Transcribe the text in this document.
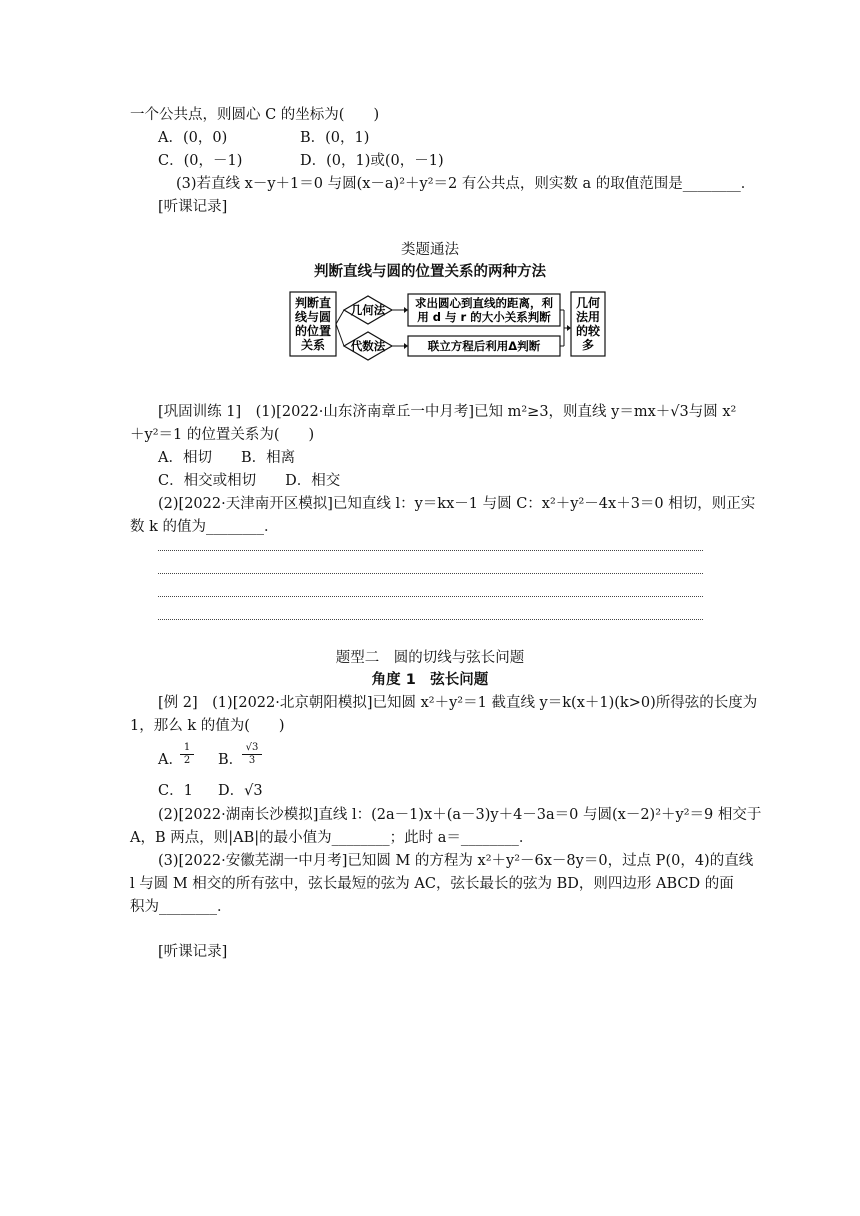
一个公共点，则圆心 C 的坐标为(　　)
A．(0，0)	B．(0，1)
C．(0，－1)	D．(0，1)或(0，－1)
(3)若直线 x－y＋1＝0 与圆(x－a)²＋y²＝2 有公共点，则实数 a 的取值范围是________．
[听课记录]
类题通法
判断直线与圆的位置关系的两种方法
判断直
线与圆
的位置
关系
几何法
代数法
求出圆心到直线的距离，利
用 d 与 r 的大小关系判断
联立方程后利用Δ判断
几何
法用
的较
多
[巩固训练 1]　(1)[2022·山东济南章丘一中月考]已知 m²≥3，则直线 y＝mx＋√3与圆 x²
＋y²＝1 的位置关系为(　　)
A．相切　　B．相离
C．相交或相切　　D．相交
(2)[2022·天津南开区模拟]已知直线 l：y＝kx－1 与圆 C：x²＋y²－4x＋3＝0 相切，则正实
数 k 的值为________．
题型二　圆的切线与弦长问题
角度 1　弦长问题
[例 2]　(1)[2022·北京朝阳模拟]已知圆 x²＋y²＝1 截直线 y＝k(x＋1)(k>0)所得弦的长度为
1，那么 k 的值为(　　)
A．
$\frac{1}{2}$ B．
$\frac{√3}{3}$
C．1 D．√3
(2)[2022·湖南长沙模拟]直线 l：(2a－1)x＋(a－3)y＋4－3a＝0 与圆(x－2)²＋y²＝9 相交于
A，B 两点，则|AB|的最小值为________；此时 a＝________．
(3)[2022·安徽芜湖一中月考]已知圆 M 的方程为 x²＋y²－6x－8y＝0，过点 P(0，4)的直线
l 与圆 M 相交的所有弦中，弦长最短的弦为 AC，弦长最长的弦为 BD，则四边形 ABCD 的面
积为________．
[听课记录]
